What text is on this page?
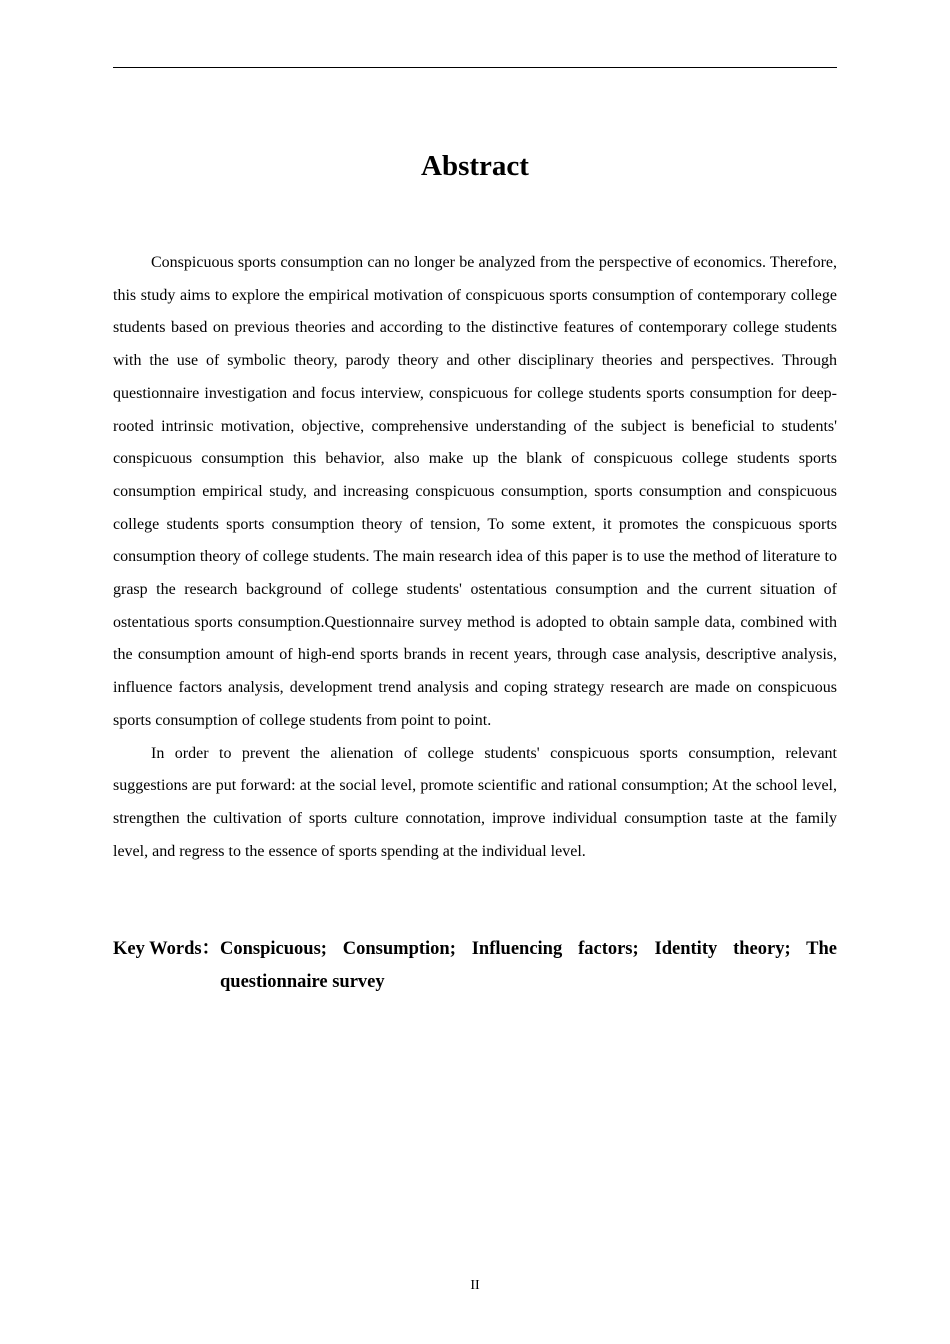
Abstract

Conspicuous sports consumption can no longer be analyzed from the perspective of economics. Therefore, this study aims to explore the empirical motivation of conspicuous sports consumption of contemporary college students based on previous theories and according to the distinctive features of contemporary college students with the use of symbolic theory, parody theory and other disciplinary theories and perspectives. Through questionnaire investigation and focus interview, conspicuous for college students sports consumption for deep-rooted intrinsic motivation, objective, comprehensive understanding of the subject is beneficial to students' conspicuous consumption this behavior, also make up the blank of conspicuous college students sports consumption empirical study, and increasing conspicuous consumption, sports consumption and conspicuous college students sports consumption theory of tension, To some extent, it promotes the conspicuous sports consumption theory of college students. The main research idea of this paper is to use the method of literature to grasp the research background of college students' ostentatious consumption and the current situation of ostentatious sports consumption.Questionnaire survey method is adopted to obtain sample data, combined with the consumption amount of high-end sports brands in recent years, through case analysis, descriptive analysis, influence factors analysis, development trend analysis and coping strategy research are made on conspicuous sports consumption of college students from point to point.

In order to prevent the alienation of college students' conspicuous sports consumption, relevant suggestions are put forward: at the social level, promote scientific and rational consumption; At the school level, strengthen the cultivation of sports culture connotation, improve individual consumption taste at the family level, and regress to the essence of sports spending at the individual level.

Key Words：Conspicuous; Consumption; Influencing factors; Identity theory; The questionnaire survey
II
